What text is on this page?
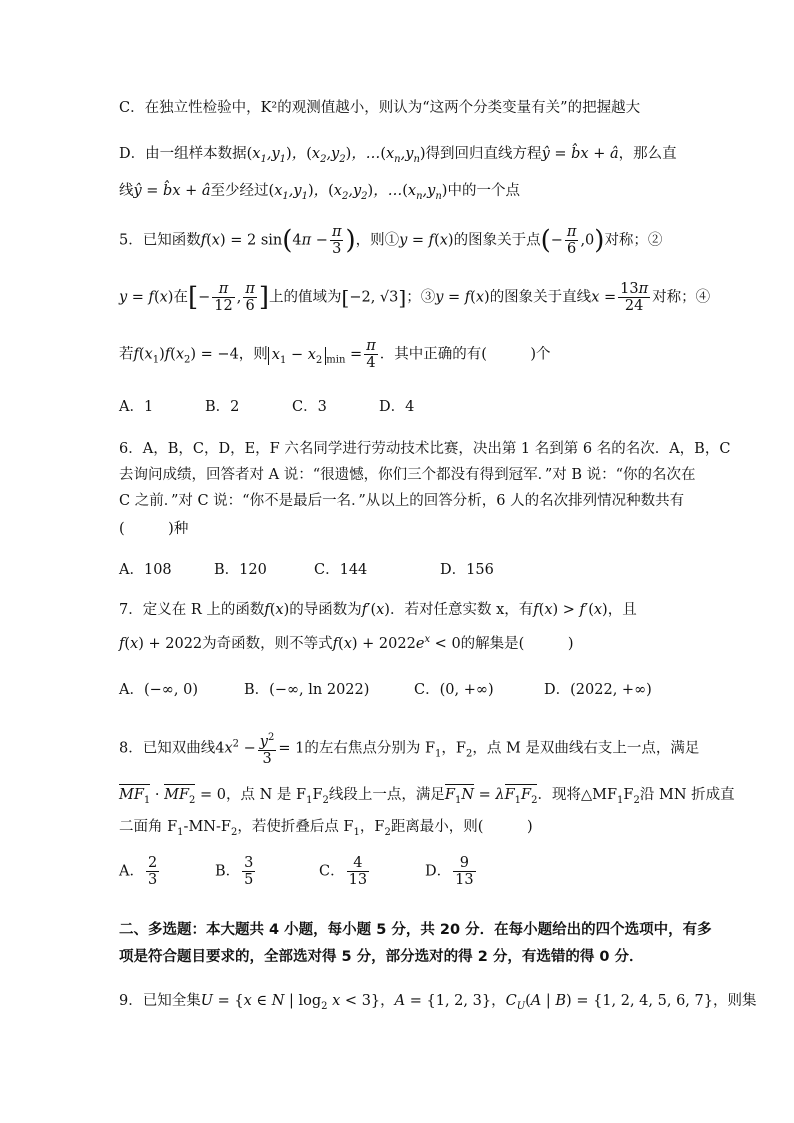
C．在独立性检验中，K²的观测值越小，则认为“这两个分类变量有关”的把握越大
D．由一组样本数据$(x_1,y_1)$，$(x_2,y_2)$，$\dots(x_n,y_n)$得到回归直线方程ŷ = b̂x + â，那么直
线ŷ = b̂x + â至少经过$(x_1,y_1)$，$(x_2,y_2)$，$\dots(x_n,y_n)$中的一个点
5．已知函数f(x) = 2 $\sin(4\pi - \frac{\pi}{3}$ )，则①y = f(x)的图象关于点(− $\frac{\pi}{6} ,0$)对称；②
y = f(x)在[− $\frac{\pi}{12}$ , $\frac{\pi}{6}$ ]上的值域为[−2, √3]；③y = f(x)的图象关于直线$x = \frac{13\pi}{24}$ 对称；④
若$f(x_1)f(x_2) = -4$，则 $x_1 - x_2$ $_{min} = \frac{\pi}{4}$ ．其中正确的有(　　　)个
A．1	B．2	C．3	D．4
6．A，B，C，D，E，F 六名同学进行劳动技术比赛，决出第 1 名到第 6 名的名次．A，B，C
去询问成绩，回答者对 A 说：“很遗憾，你们三个都没有得到冠军．”对 B 说：“你的名次在
C 之前．”对 C 说：“你不是最后一名．”从以上的回答分析，6 人的名次排列情况种数共有
(　　　)种
A．108	B．120	C．144	D．156
7．定义在 R 上的函数f(x)的导函数为f′(x)．若对任意实数 x，有f(x) > f′(x)，且
f(x) + 2022为奇函数，则不等式$f(x) + 2022e^x < 0$的解集是(　　　)
A．(−∞, 0)	B．(−∞, ln 2022)	C．(0, +∞)	D．(2022, +∞)
8．已知双曲线$4x^2 - \frac{y^2}{3} = 1$的左右焦点分别为 $F_1$，$F_2$，点 M 是双曲线右支上一点，满足
$MF_1 \cdot MF_2 = 0$，点 N 是 $F_1F_2$线段上一点，满足$F_1N = \lambda F_1F_2$．现将$\triangle MF_1F_2$沿 MN 折成直
二面角 $F_1-MN-F_2$，若使折叠后点 $F_1$，$F_2$距离最小，则(　　　)
A． $\frac{2}{3}$	B． $\frac{3}{5}$	C． $\frac{4}{13}$	D． $\frac{9}{13}$
二、多选题：本大题共 4 小题，每小题 5 分，共 20 分．在每小题给出的四个选项中，有多
项是符合题目要求的，全部选对得 5 分，部分选对的得 2 分，有选错的得 0 分．
9．已知全集U = {x ∈ N | $\log_2 x < 3$}，A = {1, 2, 3}，$C_U(A$ | B) = {1, 2, 4, 5, 6, 7}，则集
